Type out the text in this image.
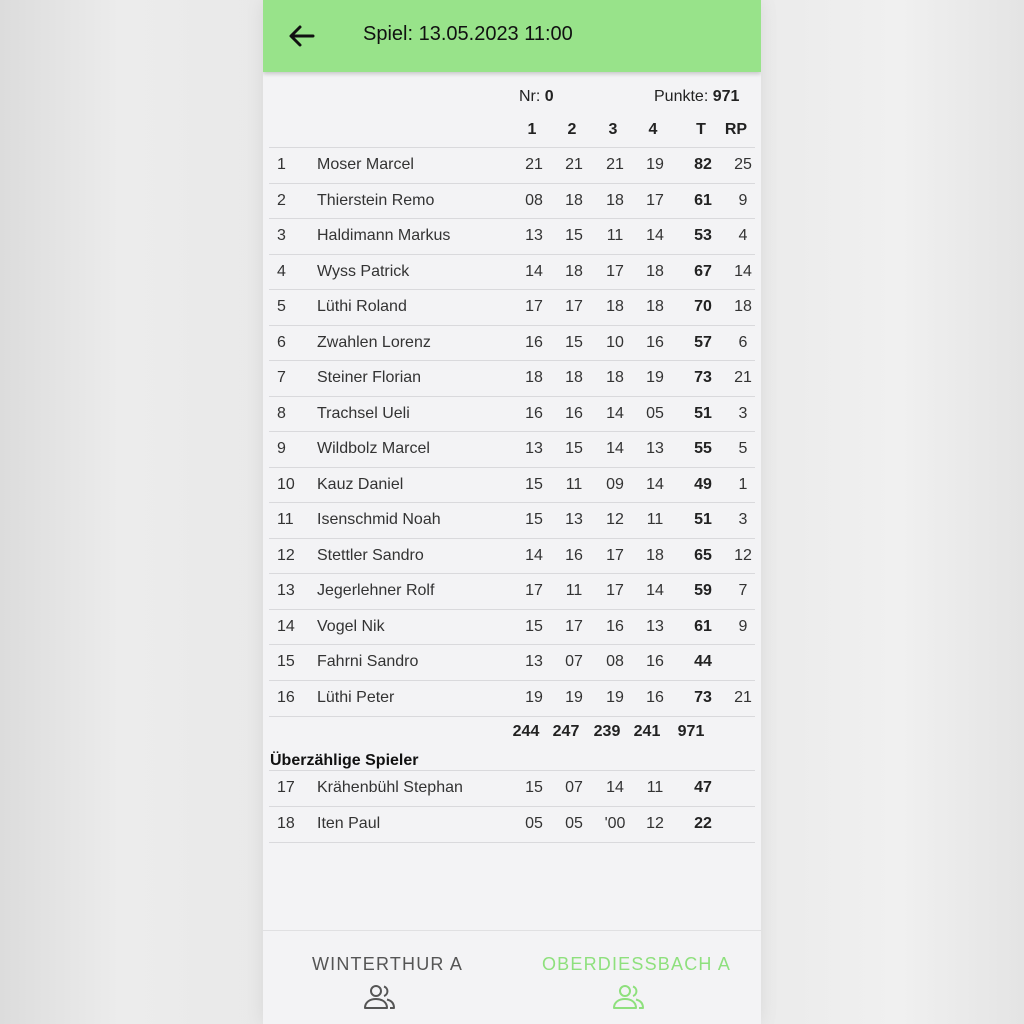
Spiel: 13.05.2023 11:00
Nr: 0	Punkte: 971
1	2	3	4	T	RP
1	Moser Marcel	21	21	21	19	82	25
2	Thierstein Remo	08	18	18	17	61	9
3	Haldimann Markus	13	15	11	14	53	4
4	Wyss Patrick	14	18	17	18	67	14
5	Lüthi Roland	17	17	18	18	70	18
6	Zwahlen Lorenz	16	15	10	16	57	6
7	Steiner Florian	18	18	18	19	73	21
8	Trachsel Ueli	16	16	14	05	51	3
9	Wildbolz Marcel	13	15	14	13	55	5
10	Kauz Daniel	15	11	09	14	49	1
11	Isenschmid Noah	15	13	12	11	51	3
12	Stettler Sandro	14	16	17	18	65	12
13	Jegerlehner Rolf	17	11	17	14	59	7
14	Vogel Nik	15	17	16	13	61	9
15	Fahrni Sandro	13	07	08	16	44
16	Lüthi Peter	19	19	19	16	73	21
244 247 239 241 971
Überzählige Spieler
17	Krähenbühl Stephan	15	07	14	11	47
18	Iten Paul	05	05	'00	12	22
WINTERTHUR A	OBERDIESSBACH A
